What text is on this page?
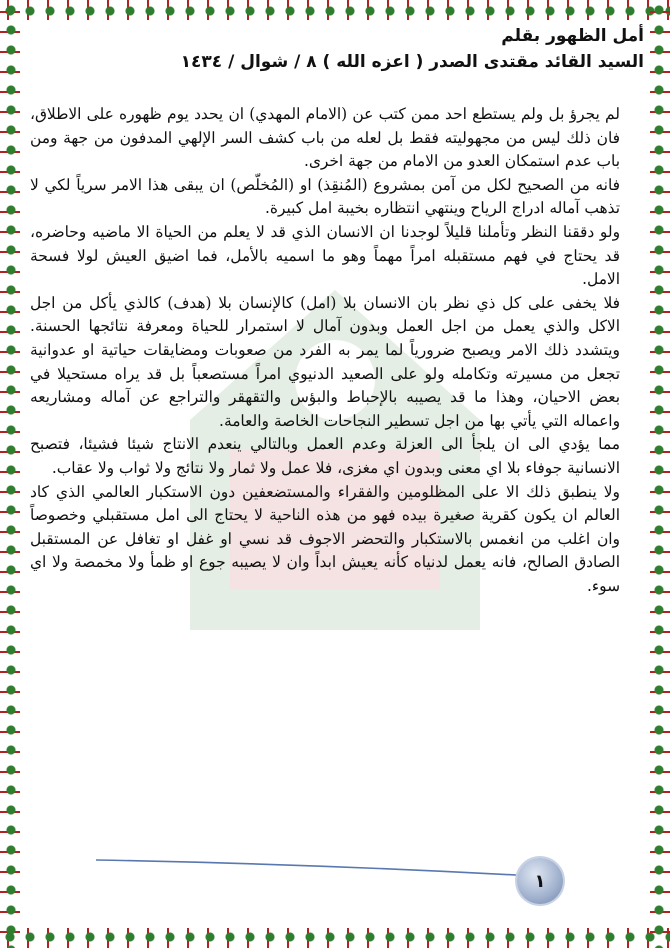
أمل الظهور بقلم
السيد القائد مقتدى الصدر ( اعزه الله ) ٨ / شوال / ١٤٣٤

لم يجرؤ بل ولم يستطع احد ممن كتب عن (الامام المهدي) ان يحدد يوم ظهوره على الاطلاق، فان ذلك ليس من مجهوليته فقط بل لعله من باب كشف السر الإلهي المدفون من جهة ومن باب عدم استمكان العدو من الامام من جهة اخرى.

فانه من الصحيح لكل من آمن بمشروع (المُنقِذ) او (المُخلّص) ان يبقى هذا الامر سرياً لكي لا تذهب آماله ادراج الرياح وينتهي انتظاره بخيبة امل كبيرة.

ولو دققنا النظر وتأملنا قليلاً لوجدنا ان الانسان الذي قد لا يعلم من الحياة الا ماضيه وحاضره، قد يحتاج في فهم مستقبله امراً مهماً وهو ما اسميه بالأمل، فما اضيق العيش لولا فسحة الامل.

فلا يخفى على كل ذي نظر بان الانسان بلا (امل) كالإنسان بلا (هدف) كالذي يأكل من اجل الاكل والذي يعمل من اجل العمل وبدون آمال لا استمرار للحياة ومعرفة نتائجها الحسنة. ويتشدد ذلك الامر ويصبح ضرورياً لما يمر به الفرد من صعوبات ومضايقات حياتية او عدوانية تجعل من مسيرته وتكامله ولو على الصعيد الدنيوي امراً مستصعباً بل قد يراه مستحيلا في بعض الاحيان، وهذا ما قد يصيبه بالإحباط والبؤس والتقهقر والتراجع عن آماله ومشاريعه واعماله التي يأتي بها من اجل تسطير النجاحات الخاصة والعامة.

مما يؤدي الى ان يلجأ الى العزلة وعدم العمل وبالتالي ينعدم الانتاج شيئا فشيئا، فتصبح الانسانية جوفاء بلا اي معنى وبدون اي مغزى، فلا عمل ولا ثمار ولا نتائج ولا ثواب ولا عقاب.

ولا ينطبق ذلك الا على المظلومين والفقراء والمستضعفين دون الاستكبار العالمي الذي كاد العالم ان يكون كقرية صغيرة بيده فهو من هذه الناحية لا يحتاج الى امل مستقبلي وخصوصاً وان اغلب من انغمس بالاستكبار والتحضر الاجوف قد نسي او غفل او تغافل عن المستقبل الصادق الصالح، فانه يعمل لدنياه كأنه يعيش ابداً وان لا يصيبه جوع او ظمأ ولا مخمصة ولا اي سوء.

١
